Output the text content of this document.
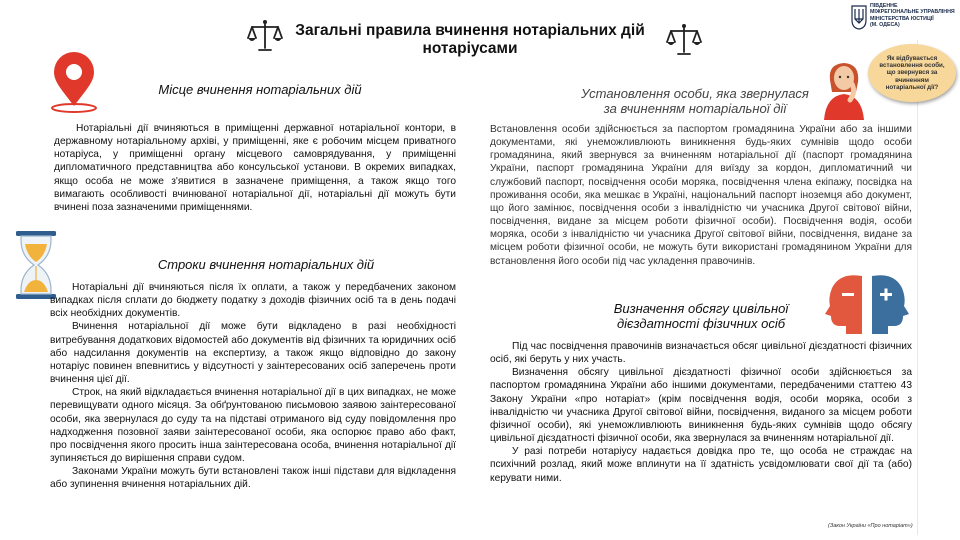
Загальні правила вчинення нотаріальних дій нотаріусами
ПІВДЕННЕ
МІЖРЕГІОНАЛЬНЕ УПРАВЛІННЯ
МІНІСТЕРСТВА ЮСТИЦІЇ
(М. ОДЕСА)
Місце вчинення нотаріальних дій

Нотаріальні дії вчиняються в приміщенні державної нотаріальної контори, в державному нотаріальному архіві, у приміщенні, яке є робочим місцем приватного нотаріуса, у приміщенні органу місцевого самоврядування, у приміщенні дипломатичного представництва або консульської установи. В окремих випадках, якщо особа не може з'явитися в зазначене приміщення, а також якщо того вимагають особливості вчинюваної нотаріальної дії, нотаріальні дії можуть бути вчинені поза зазначеними приміщеннями.

Строки вчинення нотаріальних дій

Нотаріальні дії вчиняються після їх оплати, а також у передбачених законом випадках після сплати до бюджету податку з доходів фізичних осіб та в день подачі всіх необхідних документів.

Вчинення нотаріальної дії може бути відкладено в разі необхідності витребування додаткових відомостей або документів від фізичних та юридичних осіб або надсилання документів на експертизу, а також якщо відповідно до закону нотаріус повинен впевнитись у відсутності у заінтересованих осіб заперечень проти вчинення цієї дії.

Строк, на який відкладається вчинення нотаріальної дії в цих випадках, не може перевищувати одного місяця. За обґрунтованою письмовою заявою заінтересованої особи, яка звернулася до суду та на підставі отриманого від суду повідомлення про надходження позовної заяви заінтересованої особи, яка оспорює право або факт, про посвідчення якого просить інша заінтересована особа, вчинення нотаріальної дії зупиняється до вирішення справи судом.

Законами України можуть бути встановлені також інші підстави для відкладення або зупинення вчинення нотаріальних дій.

Установлення особи, яка звернулася
за вчиненням нотаріальної дії
Як відбувається встановлення особи, що звернувся за вчиненням нотаріальної дії?

Встановлення особи здійснюється за паспортом громадянина України або за іншими документами, які унеможливлюють виникнення будь-яких сумнівів щодо особи громадянина, який звернувся за вчиненням нотаріальної дії (паспорт громадянина України, паспорт громадянина України для виїзду за кордон, дипломатичний чи службовий паспорт, посвідчення особи моряка, посвідчення члена екіпажу, посвідка на проживання особи, яка мешкає в Україні, національний паспорт іноземця або документ, що його замінює, посвідчення особи з інвалідністю чи учасника Другої світової війни, посвідчення, видане за місцем роботи фізичної особи). Посвідчення водія, особи моряка, особи з інвалідністю чи учасника Другої світової війни, посвідчення, видане за місцем роботи фізичної особи, не можуть бути використані громадянином України для встановлення його особи під час укладення правочинів.

Визначення обсягу цивільної
дієздатності фізичних осіб

Під час посвідчення правочинів визначається обсяг цивільної дієздатності фізичних осіб, які беруть у них участь.

Визначення обсягу цивільної дієздатності фізичної особи здійснюється за паспортом громадянина України або іншими документами, передбаченими статтею 43 Закону України «про нотаріат» (крім посвідчення водія, особи моряка, особи з інвалідністю чи учасника Другої світової війни, посвідчення, виданого за місцем роботи фізичної особи), які унеможливлюють виникнення будь-яких сумнівів щодо обсягу цивільної дієздатності фізичної особи, яка звернулася за вчиненням нотаріальної дії.

У разі потреби нотаріусу надається довідка про те, що особа не страждає на психічний розлад, який може вплинути на її здатність усвідомлювати свої дії та (або) керувати ними.

(Закон України «Про нотаріат»)
